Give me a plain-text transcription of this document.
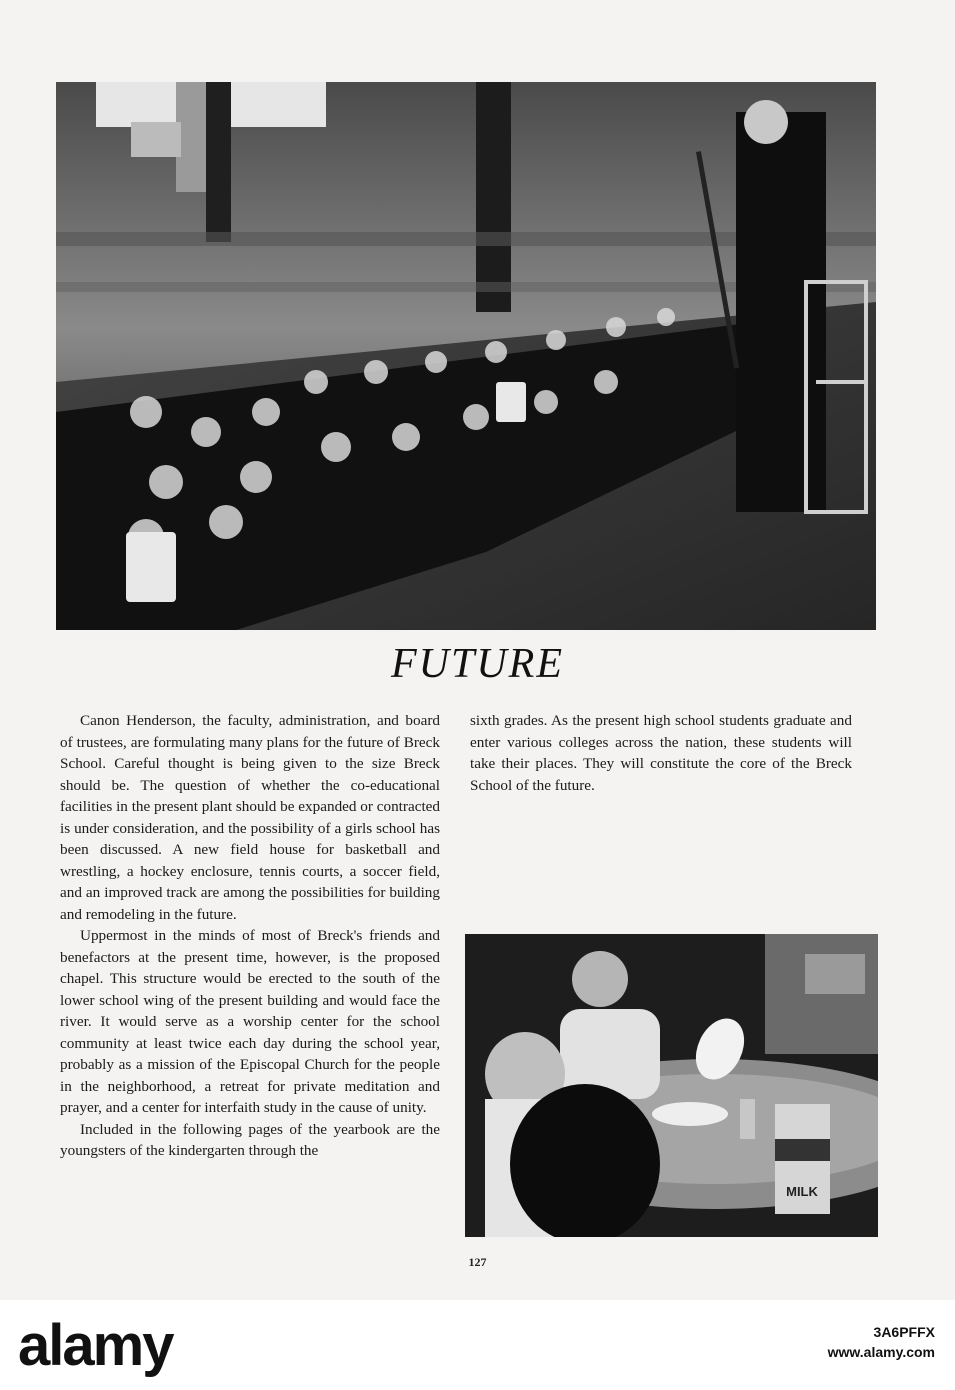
FUTURE

Canon Henderson, the faculty, administration, and board of trustees, are formulating many plans for the future of Breck School. Careful thought is being given to the size Breck should be. The question of whether the co-educational facilities in the present plant should be expanded or contracted is under consideration, and the possibility of a girls school has been discussed. A new field house for basketball and wrestling, a hockey enclosure, tennis courts, a soccer field, and an improved track are among the possibilities for building and remodeling in the future.

Uppermost in the minds of most of Breck's friends and benefactors at the present time, however, is the proposed chapel. This structure would be erected to the south of the lower school wing of the present building and would face the river. It would serve as a worship center for the school community at least twice each day during the school year, probably as a mission of the Episcopal Church for the people in the neighborhood, a retreat for private meditation and prayer, and a center for interfaith study in the cause of unity.

Included in the following pages of the yearbook are the youngsters of the kindergarten through the

sixth grades. As the present high school students graduate and enter various colleges across the nation, these students will take their places. They will constitute the core of the Breck School of the future.

MILK
127
alamy	3A6PFFX
www.alamy.com
